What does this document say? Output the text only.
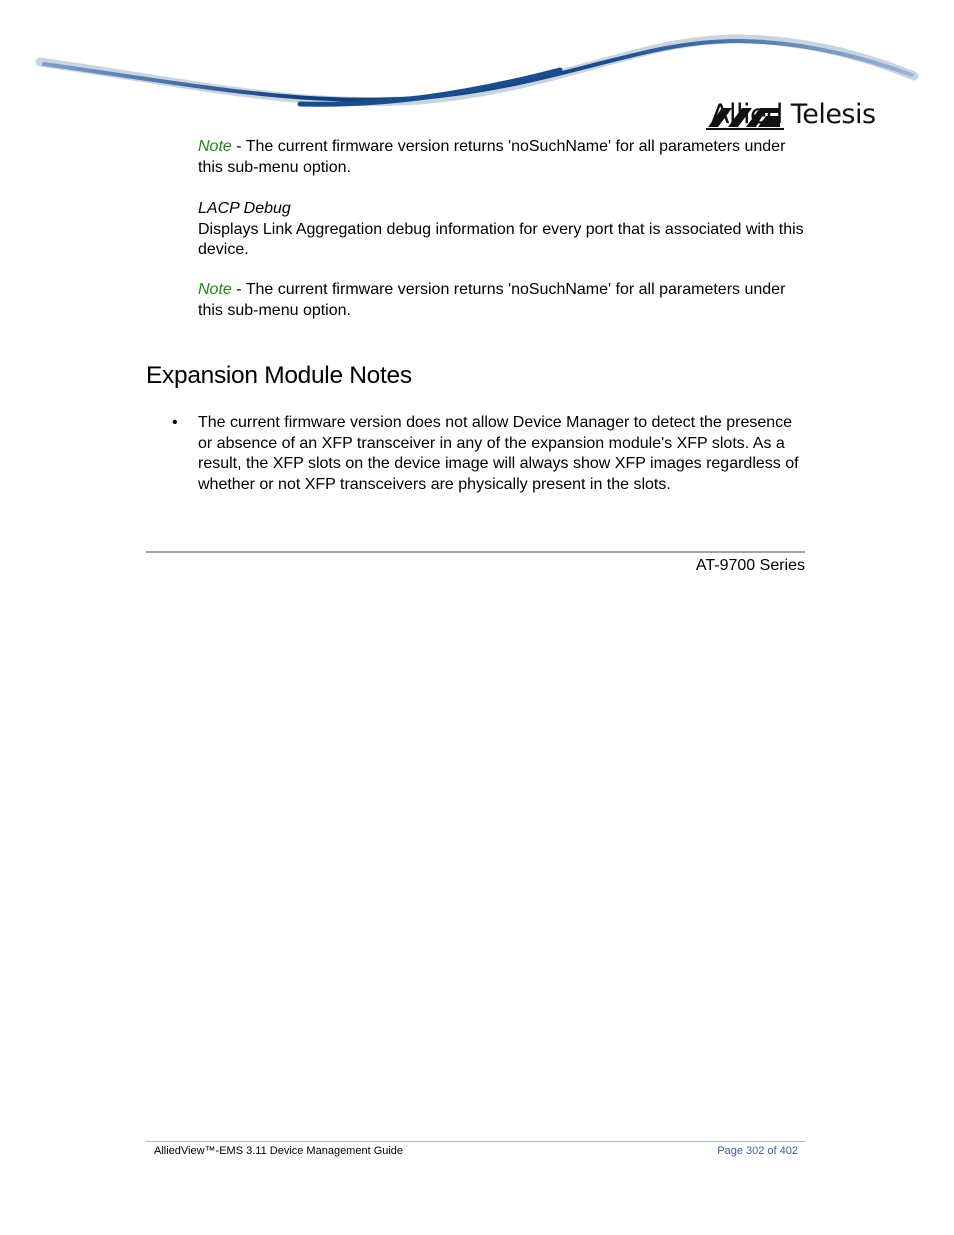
Allied Telesis
Note - The current firmware version returns 'noSuchName' for all parameters under this sub-menu option.
LACP Debug
Displays Link Aggregation debug information for every port that is associated with this device.
Note - The current firmware version returns 'noSuchName' for all parameters under this sub-menu option.
Expansion Module Notes
• The current firmware version does not allow Device Manager to detect the presence or absence of an XFP transceiver in any of the expansion module's XFP slots. As a result, the XFP slots on the device image will always show XFP images regardless of whether or not XFP transceivers are physically present in the slots.
AT-9700 Series
AlliedView™-EMS 3.11 Device Management Guide	Page 302 of 402
